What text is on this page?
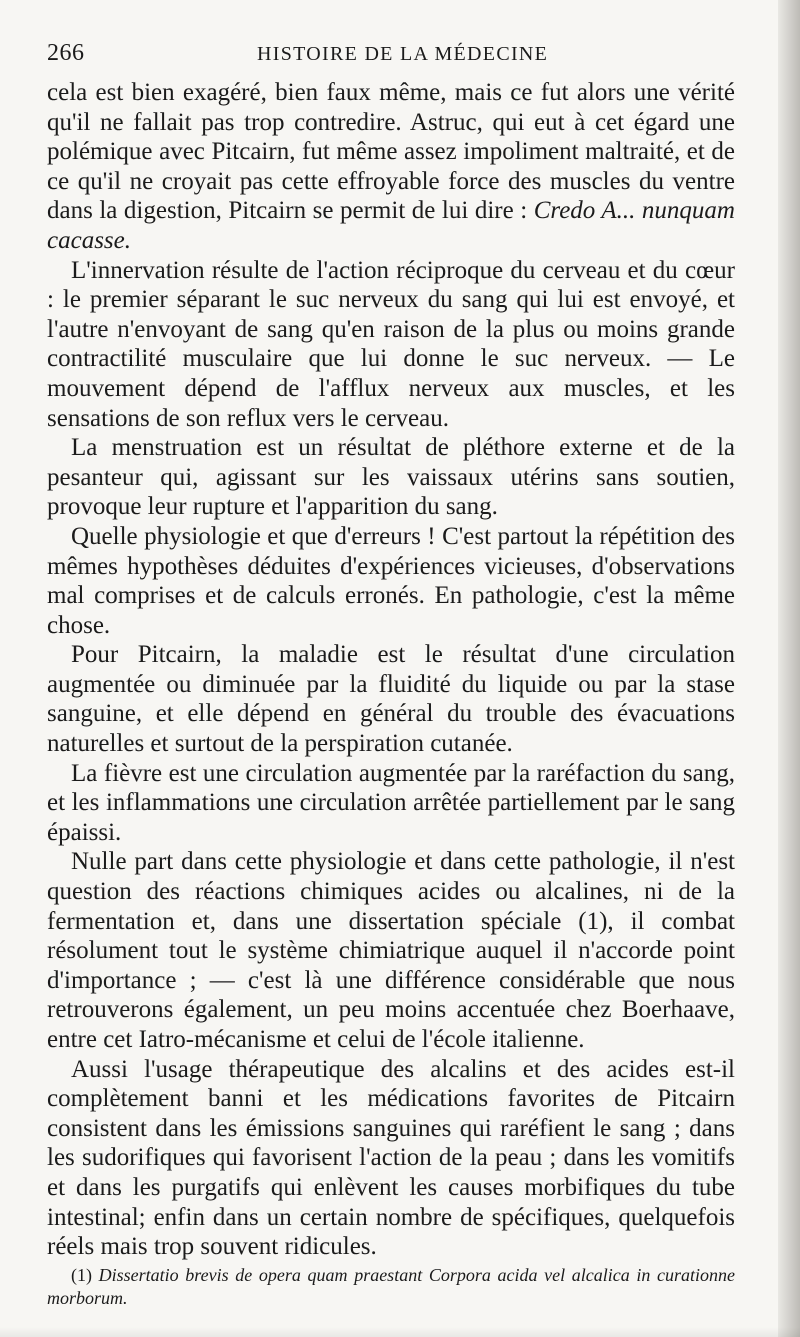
266	HISTOIRE DE LA MÉDECINE

cela est bien exagéré, bien faux même, mais ce fut alors une vérité qu'il ne fallait pas trop contredire. Astruc, qui eut à cet égard une polémique avec Pitcairn, fut même assez impoliment maltraité, et de ce qu'il ne croyait pas cette effroyable force des muscles du ventre dans la digestion, Pitcairn se permit de lui dire : Credo A... nunquam cacasse.

L'innervation résulte de l'action réciproque du cerveau et du cœur : le premier séparant le suc nerveux du sang qui lui est envoyé, et l'autre n'envoyant de sang qu'en raison de la plus ou moins grande contractilité musculaire que lui donne le suc nerveux. — Le mouvement dépend de l'afflux nerveux aux muscles, et les sensations de son reflux vers le cerveau.

La menstruation est un résultat de pléthore externe et de la pesanteur qui, agissant sur les vaissaux utérins sans soutien, provoque leur rupture et l'apparition du sang.

Quelle physiologie et que d'erreurs ! C'est partout la répétition des mêmes hypothèses déduites d'expériences vicieuses, d'observations mal comprises et de calculs erronés. En pathologie, c'est la même chose.

Pour Pitcairn, la maladie est le résultat d'une circulation augmentée ou diminuée par la fluidité du liquide ou par la stase sanguine, et elle dépend en général du trouble des évacuations naturelles et surtout de la perspiration cutanée.

La fièvre est une circulation augmentée par la raréfaction du sang, et les inflammations une circulation arrêtée partiellement par le sang épaissi.

Nulle part dans cette physiologie et dans cette pathologie, il n'est question des réactions chimiques acides ou alcalines, ni de la fermentation et, dans une dissertation spéciale (1), il combat résolument tout le système chimiatrique auquel il n'accorde point d'importance ; — c'est là une différence considérable que nous retrouverons également, un peu moins accentuée chez Boerhaave, entre cet Iatro-mécanisme et celui de l'école italienne.

Aussi l'usage thérapeutique des alcalins et des acides est-il complètement banni et les médications favorites de Pitcairn consistent dans les émissions sanguines qui raréfient le sang ; dans les sudorifiques qui favorisent l'action de la peau ; dans les vomitifs et dans les purgatifs qui enlèvent les causes morbifiques du tube intestinal; enfin dans un certain nombre de spécifiques, quelquefois réels mais trop souvent ridicules.

(1) Dissertatio brevis de opera quam praestant Corpora acida vel alcalica in curationne morborum.
